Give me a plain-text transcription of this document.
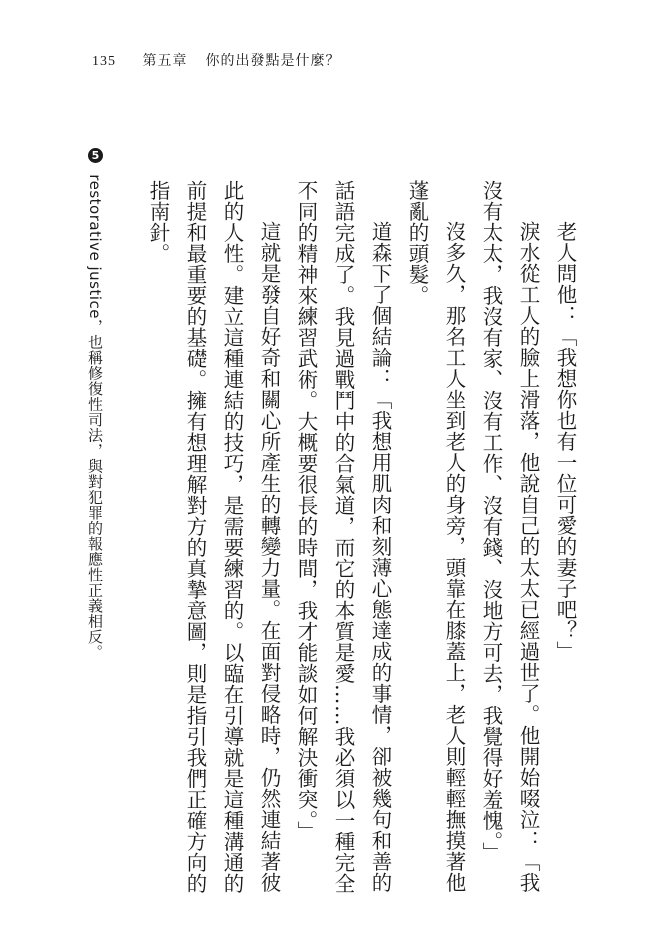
135 第五章 你的出發點是什麼？

老人問他：「我想你也有一位可愛的妻子吧？」

淚水從工人的臉上滑落，他說自己的太太已經過世了。他開始啜泣：「我沒有太太，我沒有家、沒有工作、沒有錢、沒地方可去，我覺得好羞愧。」

沒多久，那名工人坐到老人的身旁，頭靠在膝蓋上，老人則輕輕撫摸著他蓬亂的頭髮。

道森下了個結論：「我想用肌肉和刻薄心態達成的事情，卻被幾句和善的話語完成了。我見過戰鬥中的合氣道，而它的本質是愛……我必須以一種完全不同的精神來練習武術。大概要很長的時間，我才能談如何解決衝突。」

這就是發自好奇和關心所產生的轉變力量。在面對侵略時，仍然連結著彼此的人性。建立這種連結的技巧，是需要練習的。以臨在引導就是這種溝通的前提和最重要的基礎。擁有想理解對方的真摯意圖，則是指引我們正確方向的指南針。

5 restorative justice，也稱修復性司法，與對犯罪的報應性正義相反。
